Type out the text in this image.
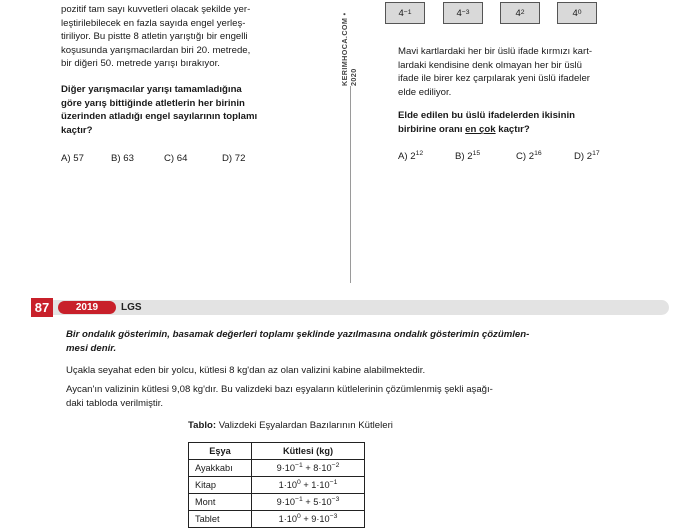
pozitif tam sayı kuvvetleri olacak şekilde yer-
leştirilebilecek en fazla sayıda engel yerleş-
tiriliyor. Bu pistte 8 atletin yarıştığı bir engelli
koşusunda yarışmacılardan biri 20. metrede,
bir diğeri 50. metrede yarışı bırakıyor.
Diğer yarışmacılar yarışı tamamladığına
göre yarış bittiğinde atletlerin her birinin
üzerinden atladığı engel sayılarının toplamı
kaçtır?
A) 57	B) 63	C) 64	D) 72
KERIMHOCA.COM • 2020
4 −1	4 −3	4 2	4 0
Mavi kartlardaki her bir üslü ifade kırmızı kart-
lardaki kendisine denk olmayan her bir üslü
ifade ile birer kez çarpılarak yeni üslü ifadeler
elde ediliyor.
Elde edilen bu üslü ifadelerden ikisinin
birbirine oranı en çok kaçtır?
A) $2^{12}$	B) $2^{15}$	C) $2^{16}$	D) $2^{17}$
87	2019	LGS
Bir ondalık gösterimin, basamak değerleri toplamı şeklinde yazılmasına ondalık gösterimin çözümlen-
mesi denir.
Uçakla seyahat eden bir yolcu, kütlesi 8 kg'dan az olan valizini kabine alabilmektedir.
Aycan'ın valizinin kütlesi 9,08 kg'dır. Bu valizdeki bazı eşyaların kütlelerinin çözümlenmiş şekli aşağı-
daki tabloda verilmiştir.
Tablo: Valizdeki Eşyalardan Bazılarının Kütleleri
Eşya	Kütlesi (kg)
Ayakkabı	$9\cdot 10^{-1} + 8\cdot 10^{-2}$
Kitap	$1\cdot 10^0 + 1\cdot 10^{-1}$
Mont	$9\cdot 10^{-1} + 5\cdot 10^{-3}$
Tablet	$1\cdot 10^0 + 9\cdot 10^{-3}$
